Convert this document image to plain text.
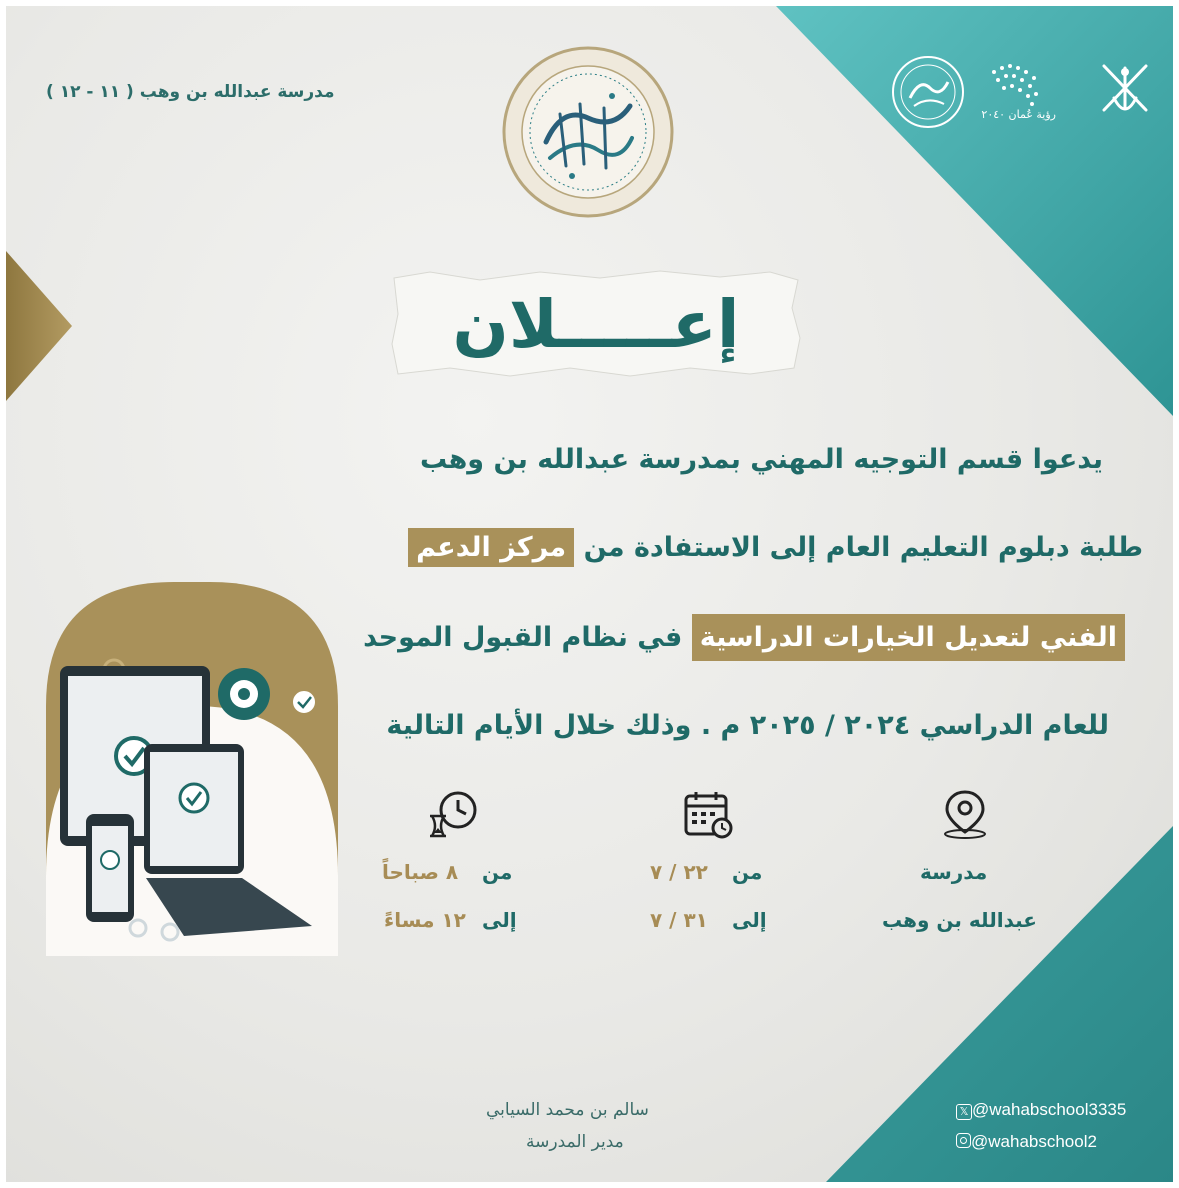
مدرسة عبدالله بن وهب ( ١١ - ١٢ )
رؤية عُمان ٢٠٤٠
إعـــــلان
يدعوا قسم التوجيه المهني بمدرسة عبدالله بن وهب
طلبة دبلوم التعليم العام إلى الاستفادة من مركز الدعم
الفني لتعديل الخيارات الدراسية في نظام القبول الموحد
للعام الدراسي ٢٠٢٤ / ٢٠٢٥ م . وذلك خلال الأيام التالية
مدرسة
عبدالله بن وهب
من
٢٢ / ٧
إلى
٣١ / ٧
من
٨ صباحاً
إلى
١٢ مساءً
𝕏 @wahabschool3335
@wahabschool2
سالم بن محمد السيابي
مدير المدرسة
